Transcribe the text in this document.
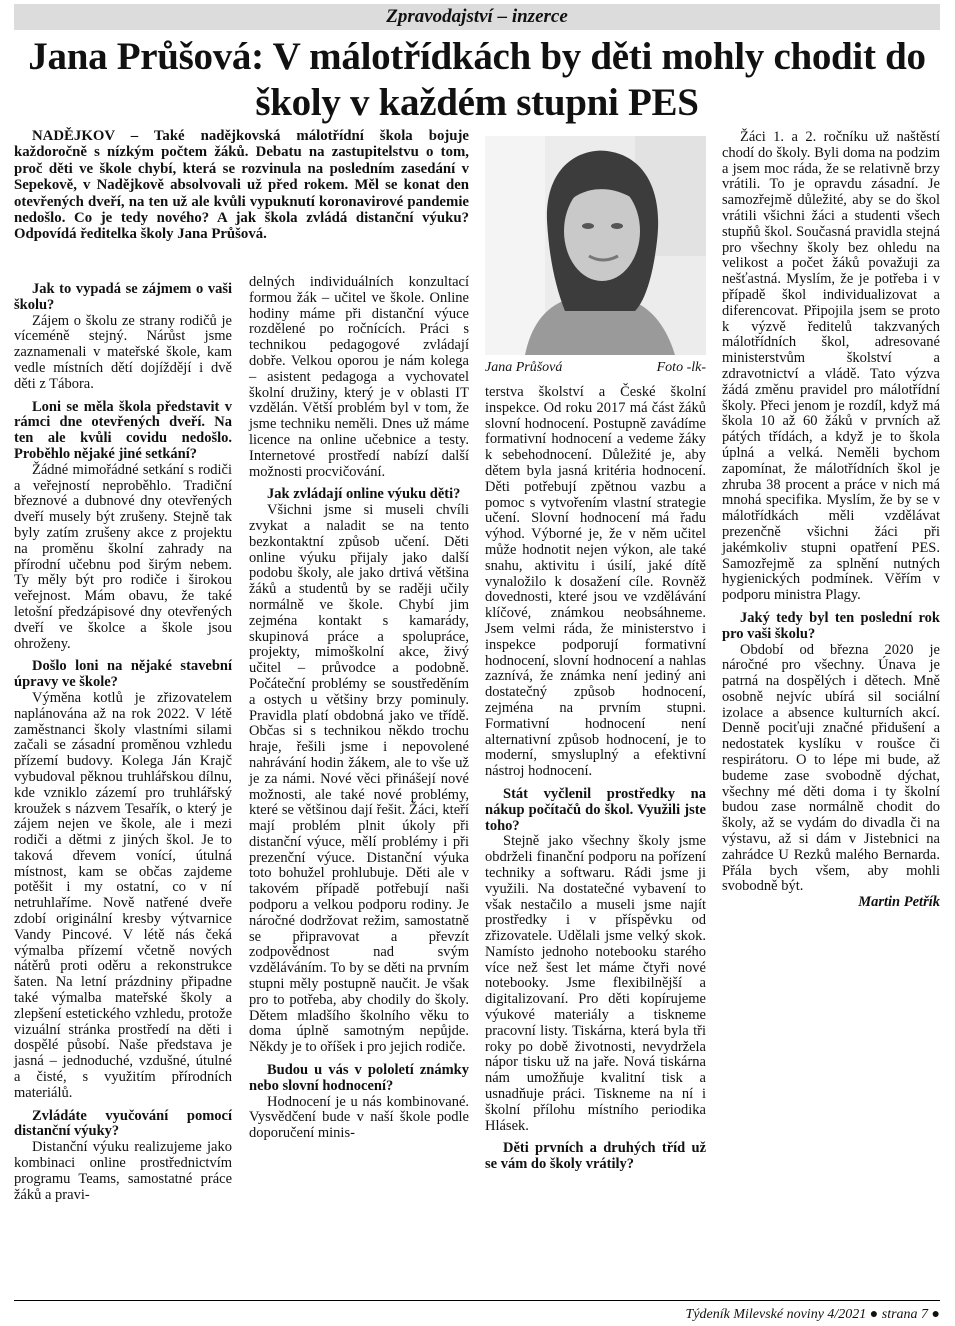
Zpravodajství – inzerce
Jana Průšová: V málotřídkách by děti mohly chodit do školy v každém stupni PES
NADĚJKOV – Také nadějkovská málotřídní škola bojuje každoročně s nízkým počtem žáků. Debatu na zastupitelstvu o tom, proč děti ve škole chybí, která se rozvinula na posledním zasedání v Sepekově, v Nadějkově absolvovali už před rokem. Měl se konat den otevřených dveří, na ten už ale kvůli vypuknutí koronavirové pandemie nedošlo. Co je tedy nového? A jak škola zvládá distanční výuku? Odpovídá ředitelka školy Jana Průšová.

Jak to vypadá se zájmem o vaši školu?

Zájem o školu ze strany rodičů je víceméně stejný. Nárůst jsme zaznamenali v mateřské škole, kam vedle místních dětí dojíždějí i dvě děti z Tábora.

Loni se měla škola představit v rámci dne otevřených dveří. Na ten ale kvůli covidu nedošlo. Proběhlo nějaké jiné setkání?

Žádné mimořádné setkání s rodiči a veřejností neproběhlo. Tradiční březnové a dubnové dny otevřených dveří musely být zrušeny. Stejně tak byly zatím zrušeny akce z projektu na proměnu školní zahrady na přírodní učebnu pod širým nebem. Ty měly být pro rodiče i širokou veřejnost. Mám obavu, že také letošní předzápisové dny otevřených dveří ve školce a škole jsou ohroženy.

Došlo loni na nějaké stavební úpravy ve škole?

Výměna kotlů je zřizovatelem naplánována až na rok 2022. V létě zaměstnanci školy vlastními silami začali se zásadní proměnou vzhledu přízemí budovy. Kolega Ján Krajč vybudoval pěknou truhlářskou dílnu, kde vzniklo zázemí pro truhlářský kroužek s názvem Tesařík, o který je zájem nejen ve škole, ale i mezi rodiči a dětmi z jiných škol. Je to taková dřevem vonící, útulná místnost, kam se občas zajdeme potěšit i my ostatní, co v ní netruhlaříme. Nově natřené dveře zdobí originální kresby výtvarnice Vandy Pincové. V létě nás čeká výmalba přízemí včetně nových nátěrů proti oděru a rekonstrukce šaten. Na letní prázdniny připadne také výmalba mateřské školy a zlepšení estetického vzhledu, protože vizuální stránka prostředí na děti i dospělé působí. Naše představa je jasná – jednoduché, vzdušné, útulné a čisté, s využitím přírodních materiálů.

Zvládáte vyučování pomocí distanční výuky?

Distanční výuku realizujeme jako kombinaci online prostřednictvím programu Teams, samostatné práce žáků a pravi-

delných individuálních konzultací formou žák – učitel ve škole. Online hodiny máme při distanční výuce rozdělené po ročnících. Práci s technikou pedagogové zvládají dobře. Velkou oporou je nám kolega – asistent pedagoga a vychovatel školní družiny, který je v oblasti IT vzdělán. Větší problém byl v tom, že jsme techniku neměli. Dnes už máme licence na online učebnice a testy. Internetové prostředí nabízí další možnosti procvičování.

Jak zvládají online výuku děti?

Všichni jsme si museli chvíli zvykat a naladit se na tento bezkontaktní způsob učení. Děti online výuku přijaly jako další podobu školy, ale jako drtivá většina žáků a studentů by se raději učily normálně ve škole. Chybí jim zejména kontakt s kamarády, skupinová práce a spolupráce, projekty, mimoškolní akce, živý učitel – průvodce a podobně. Počáteční problémy se soustředěním a ostych u většiny brzy pominuly. Pravidla platí obdobná jako ve třídě. Občas si s technikou někdo trochu hraje, řešili jsme i nepovolené nahrávání hodin žákem, ale to vše už je za námi. Nové věci přinášejí nové možnosti, ale také nové problémy, které se většinou dají řešit. Žáci, kteří mají problém plnit úkoly při distanční výuce, mělí problémy i při prezenční výuce. Distanční výuka toto bohužel prohlubuje. Děti ale v takovém případě potřebují naši podporu a velkou podporu rodiny. Je náročné dodržovat režim, samostatně se připravovat a převzít zodpovědnost nad svým vzděláváním. To by se děti na prvním stupni měly postupně naučit. Je však pro to potřeba, aby chodily do školy. Dětem mladšího školního věku to doma úplně samotným nepůjde. Někdy je to oříšek i pro jejich rodiče.

Budou u vás v pololetí známky nebo slovní hodnocení?

Hodnocení je u nás kombinované. Vysvědčení bude v naší škole podle doporučení minis-

Jana Průšová	Foto -lk-

terstva školství a České školní inspekce. Od roku 2017 má část žáků slovní hodnocení. Postupně zavádíme formativní hodnocení a vedeme žáky k sebehodnocení. Důležité je, aby dětem byla jasná kritéria hodnocení. Děti potřebují zpětnou vazbu a pomoc s vytvořením vlastní strategie učení. Slovní hodnocení má řadu výhod. Výborné je, že v něm učitel může hodnotit nejen výkon, ale také snahu, aktivitu i úsilí, jaké dítě vynaložilo k dosažení cíle. Rovněž dovednosti, které jsou ve vzdělávání klíčové, známkou neobsáhneme. Jsem velmi ráda, že ministerstvo i inspekce podporují formativní hodnocení, slovní hodnocení a nahlas zaznívá, že známka není jediný ani dostatečný způsob hodnocení, zejména na prvním stupni. Formativní hodnocení není alternativní způsob hodnocení, je to moderní, smysluplný a efektivní nástroj hodnocení.

Stát vyčlenil prostředky na nákup počítačů do škol. Využili jste toho?

Stejně jako všechny školy jsme obdrželi finanční podporu na pořízení techniky a softwaru. Rádi jsme ji využili. Na dostatečné vybavení to však nestačilo a museli jsme najít prostředky i v příspěvku od zřizovatele. Udělali jsme velký skok. Namísto jednoho notebooku starého více než šest let máme čtyři nové notebooky. Jsme flexibilnější a digitalizovaní. Pro děti kopírujeme výukové materiály a tiskneme pracovní listy. Tiskárna, která byla tři roky po době životnosti, nevydržela nápor tisku už na jaře. Nová tiskárna nám umožňuje kvalitní tisk a usnadňuje práci. Tiskneme na ní i školní přílohu místního periodika Hlásek.

Děti prvních a druhých tříd už se vám do školy vrátily?

Žáci 1. a 2. ročníku už naštěstí chodí do školy. Byli doma na podzim a jsem moc ráda, že se relativně brzy vrátili. To je opravdu zásadní. Je samozřejmě důležité, aby se do škol vrátili všichni žáci a studenti všech stupňů škol. Současná pravidla stejná pro všechny školy bez ohledu na velikost a počet žáků považuji za nešťastná. Myslím, že je potřeba i v případě škol individualizovat a diferencovat. Připojila jsem se proto k výzvě ředitelů takzvaných málotřídních škol, adresované ministerstvům školství a zdravotnictví a vládě. Tato výzva žádá změnu pravidel pro málotřídní školy. Přeci jenom je rozdíl, když má škola 10 až 60 žáků v prvních až pátých třídách, a když je to škola úplná a velká. Neměli bychom zapomínat, že málotřídních škol je zhruba 38 procent a práce v nich má mnohá specifika. Myslím, že by se v málotřídkách měli vzdělávat prezenčně všichni žáci při jakémkoliv stupni opatření PES. Samozřejmě za splnění nutných hygienických podmínek. Věřím v podporu ministra Plagy.

Jaký tedy byl ten poslední rok pro vaši školu?

Období od března 2020 je náročné pro všechny. Únava je patrná na dospělých i dětech. Mně osobně nejvíc ubírá sil sociální izolace a absence kulturních akcí. Denně pociťuji značné přidušení a nedostatek kyslíku v roušce či respirátoru. O to lépe mi bude, až budeme zase svobodně dýchat, všechny mé děti doma i ty školní budou zase normálně chodit do školy, až se vydám do divadla či na výstavu, až si dám v Jistebnici na zahrádce U Rezků malého Bernarda. Přála bych všem, aby mohli svobodně být.

Martin Petřík

Týdeník Milevské noviny 4/2021 ● strana 7 ●
